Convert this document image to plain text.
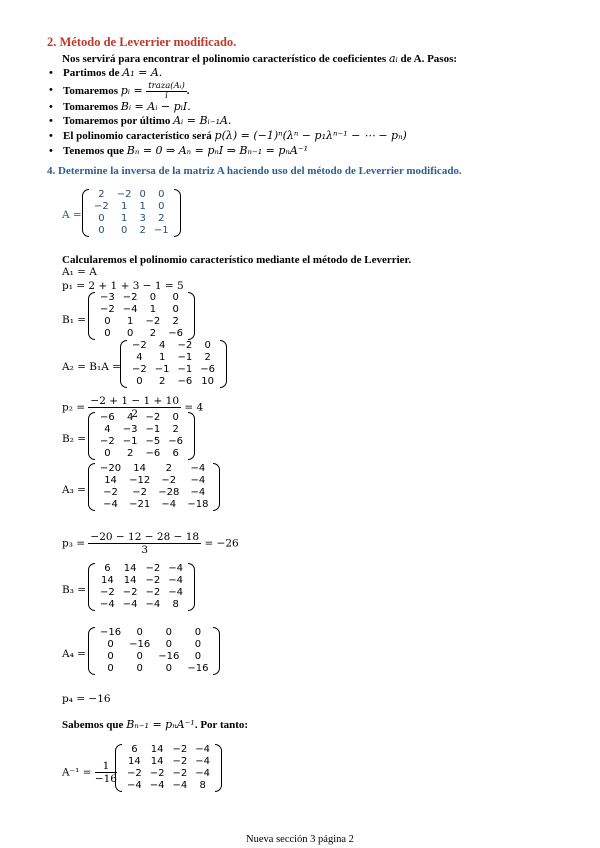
2. Método de Leverrier modificado.
Nos servirá para encontrar el polinomio característico de coeficientes aᵢ de A. Pasos:
• Partimos de A₁ = A.
• Tomaremos pᵢ = $\frac{\text{traza(Aᵢ)}}{i}$ .
• Tomaremos Bᵢ = Aᵢ − pᵢI.
• Tomaremos por último Aᵢ = Bᵢ₋₁A.
• El polinomio característico será p(λ) = (−1)ⁿ(λⁿ − p₁λⁿ⁻¹ − ⋯ − pₙ)
• Tenemos que Bₙ = 0 ⇒ Aₙ = pₙI ⇒ Bₙ₋₁ = pₙA⁻¹
4. Determine la inversa de la matriz A haciendo uso del método de Leverrier modificado.
A =
2	−2	0	0
−2	1	1	0
0	1	3	2
0	0	2	−1
Calcularemos el polinomio característico mediante el método de Leverrier.
A₁ = A
p₁ = 2 + 1 + 3 − 1 = 5
B₁ =
−3	−2	0	0
−2	−4	1	0
0	1	−2	2
0	0	2	−6
A₂ = B₁A =
−2	4	−2	0
4	1	−1	2
−2	−1	−1	−6
0	2	−6	10
$p_2 = \frac{-2 + 1 - 1 + 10}{2} = 4$
B₂ =
−6	4	−2	0
4	−3	−1	2
−2	−1	−5	−6
0	2	−6	6
A₃ =
−20	14	2	−4
14	−12	−2	−4
−2	−2	−28	−4
−4	−21	−4	−18
$p_3 = \frac{-20 - 12 - 28 - 18}{3} = -26$
B₃ =
6	14	−2	−4
14	14	−2	−4
−2	−2	−2	−4
−4	−4	−4	8
A₄ =
−16	0	0	0
0	−16	0	0
0	0	−16	0
0	0	0	−16
p₄ = −16
Sabemos que Bₙ₋₁ = pₙA⁻¹. Por tanto:
$A^{-1} = \frac{1}{-16}$
6	14	−2	−4
14	14	−2	−4
−2	−2	−2	−4
−4	−4	−4	8
Nueva sección 3 página 2
